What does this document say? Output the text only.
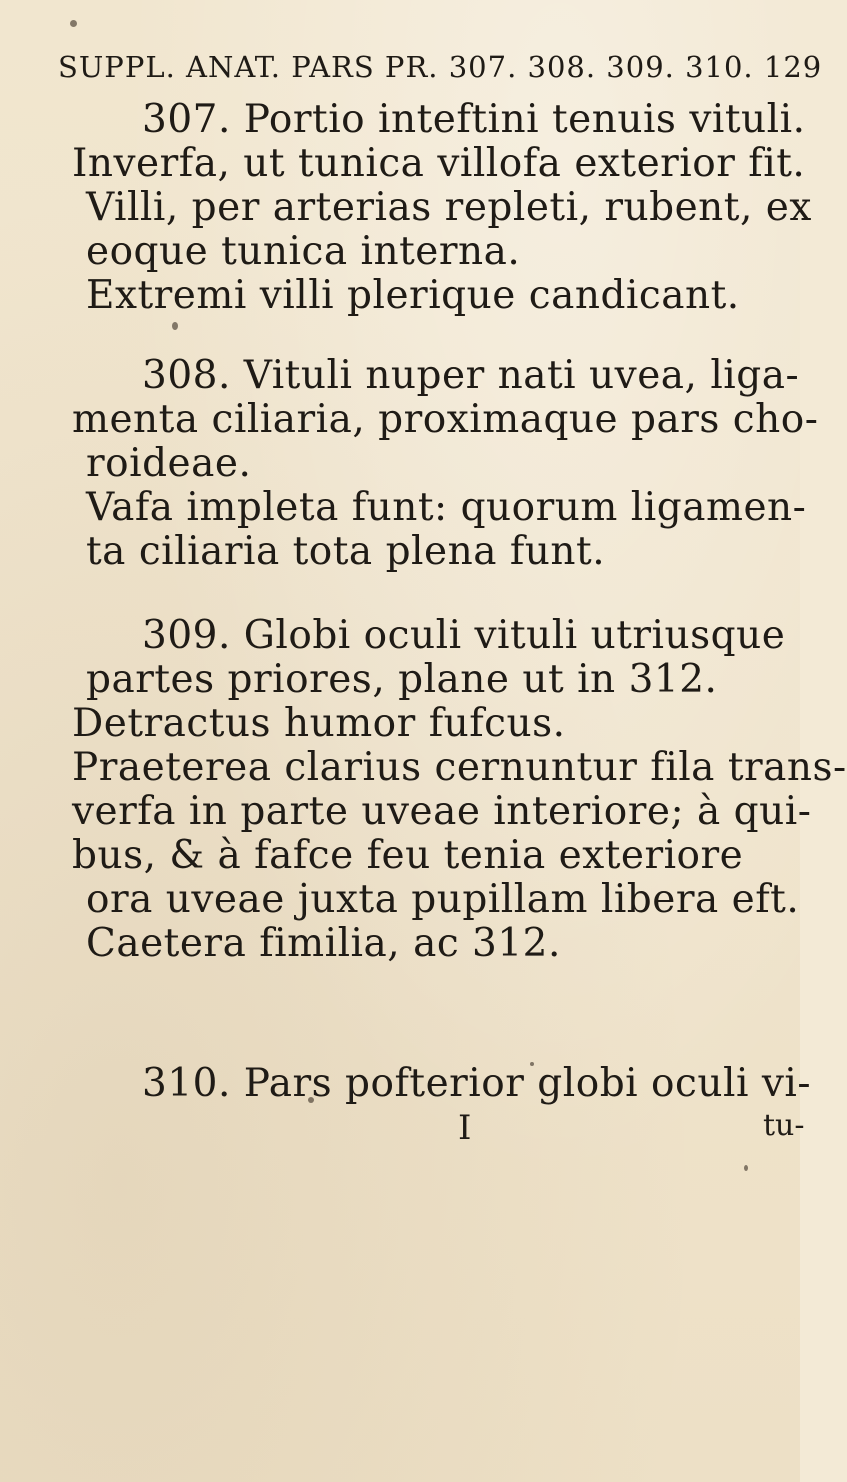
SUPPL. ANAT. PARS PR. 307. 308. 309. 310. 129

307. Portio inteftini tenuis vituli.

Inverfa, ut tunica villofa exterior fit.

Villi, per arterias repleti, rubent, ex

eoque tunica interna.

Extremi villi plerique candicant.

308. Vituli nuper nati uvea, liga-

menta ciliaria, proximaque pars cho-

roideae.

Vafa impleta funt: quorum ligamen-

ta ciliaria tota plena funt.

309. Globi oculi vituli utriusque

partes priores, plane ut in 312.

Detractus humor fufcus.

Praeterea clarius cernuntur fila trans-

verfa in parte uveae interiore; à qui-

bus, & à fafce feu tenia exteriore

ora uveae juxta pupillam libera eft.

Caetera fimilia, ac 312.

310. Pars pofterior globi oculi vi-

I	tu-
